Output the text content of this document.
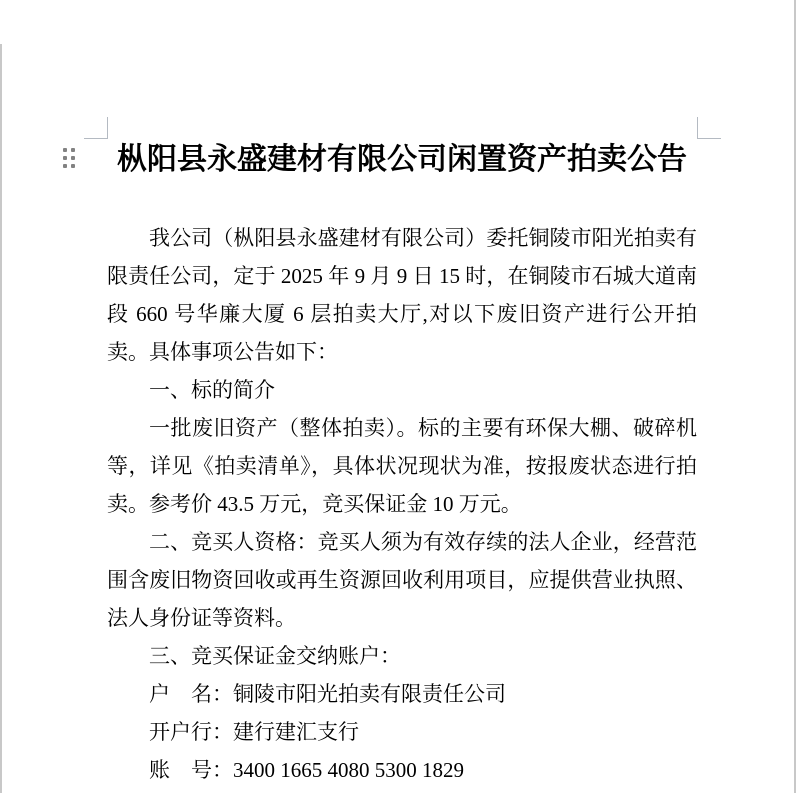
枞阳县永盛建材有限公司闲置资产拍卖公告

我公司（枞阳县永盛建材有限公司）委托铜陵市阳光拍卖有限责任公司，定于 2025 年 9 月 9 日 15 时，在铜陵市石城大道南段 660 号华廉大厦 6 层拍卖大厅,对以下废旧资产进行公开拍卖。具体事项公告如下：

一、标的简介

一批废旧资产（整体拍卖）。标的主要有环保大棚、破碎机等，详见《拍卖清单》，具体状况现状为准，按报废状态进行拍卖。参考价 43.5 万元，竞买保证金 10 万元。

二、竞买人资格：竞买人须为有效存续的法人企业，经营范围含废旧物资回收或再生资源回收利用项目，应提供营业执照、法人身份证等资料。

三、竞买保证金交纳账户：

户　名：铜陵市阳光拍卖有限责任公司

开户行：建行建汇支行

账　号：3400 1665 4080 5300 1829
